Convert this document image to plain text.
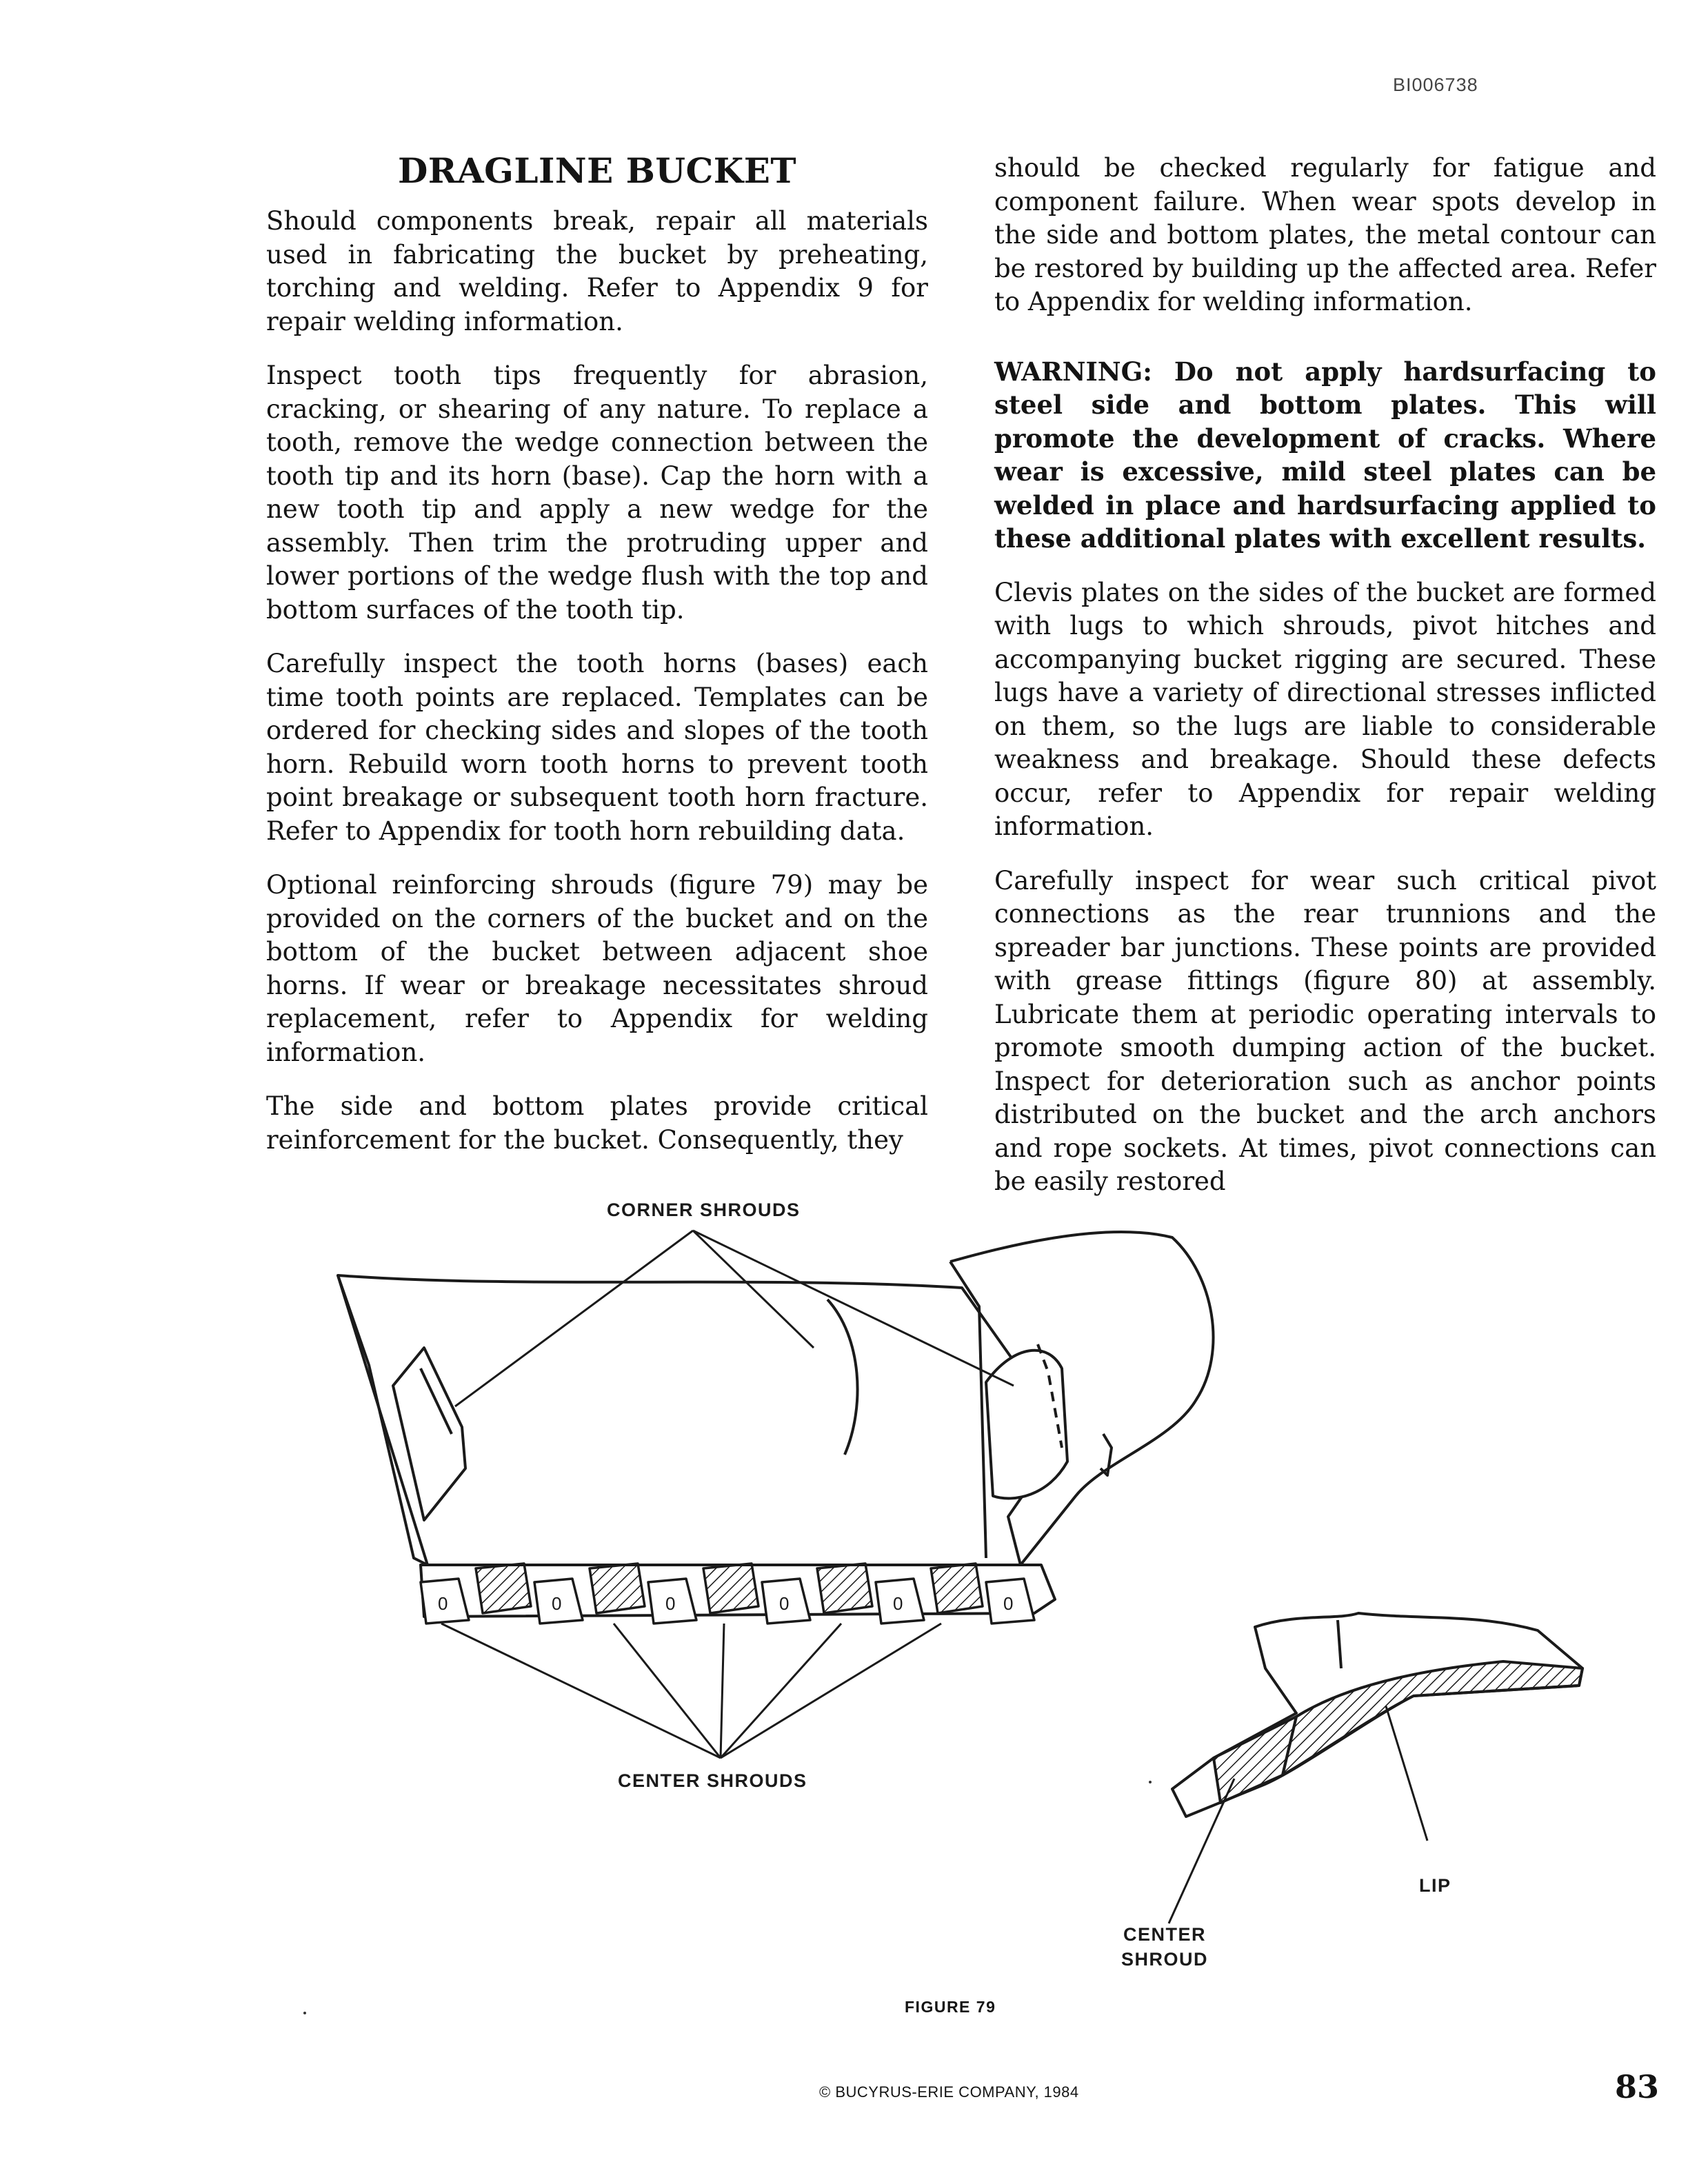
BI006738
DRAGLINE BUCKET

Should components break, repair all materials used in fabricating the bucket by preheating, torching and welding. Refer to Appendix 9 for repair welding information.

Inspect tooth tips frequently for abrasion, cracking, or shearing of any nature. To replace a tooth, remove the wedge connection between the tooth tip and its horn (base). Cap the horn with a new tooth tip and apply a new wedge for the assembly. Then trim the protruding upper and lower portions of the wedge flush with the top and bottom surfaces of the tooth tip.

Carefully inspect the tooth horns (bases) each time tooth points are replaced. Templates can be ordered for checking sides and slopes of the tooth horn. Rebuild worn tooth horns to prevent tooth point breakage or subsequent tooth horn fracture. Refer to Appendix for tooth horn rebuilding data.

Optional reinforcing shrouds (figure 79) may be provided on the corners of the bucket and on the bottom of the bucket between adjacent shoe horns. If wear or breakage necessitates shroud replacement, refer to Appendix for welding information.

The side and bottom plates provide critical reinforcement for the bucket. Consequently, they

should be checked regularly for fatigue and component failure. When wear spots develop in the side and bottom plates, the metal contour can be restored by building up the affected area. Refer to Appendix for welding information.

WARNING: Do not apply hardsurfacing to steel side and bottom plates. This will promote the development of cracks. Where wear is excessive, mild steel plates can be welded in place and hardsurfacing applied to these additional plates with excellent results.

Clevis plates on the sides of the bucket are formed with lugs to which shrouds, pivot hitches and accompanying bucket rigging are secured. These lugs have a variety of directional stresses inflicted on them, so the lugs are liable to considerable weakness and breakage. Should these defects occur, refer to Appendix for repair welding information.

Carefully inspect for wear such critical pivot connections as the rear trunnions and the spreader bar junctions. These points are provided with grease fittings (figure 80) at assembly. Lubricate them at periodic operating intervals to promote smooth dumping action of the bucket. Inspect for deterioration such as anchor points distributed on the bucket and the arch anchors and rope sockets. At times, pivot connections can be easily restored

0	0	0	0	0	0
CORNER SHROUDS
CENTER SHROUDS
LIP
CENTER
SHROUD
FIGURE 79
© BUCYRUS-ERIE COMPANY, 1984	83
